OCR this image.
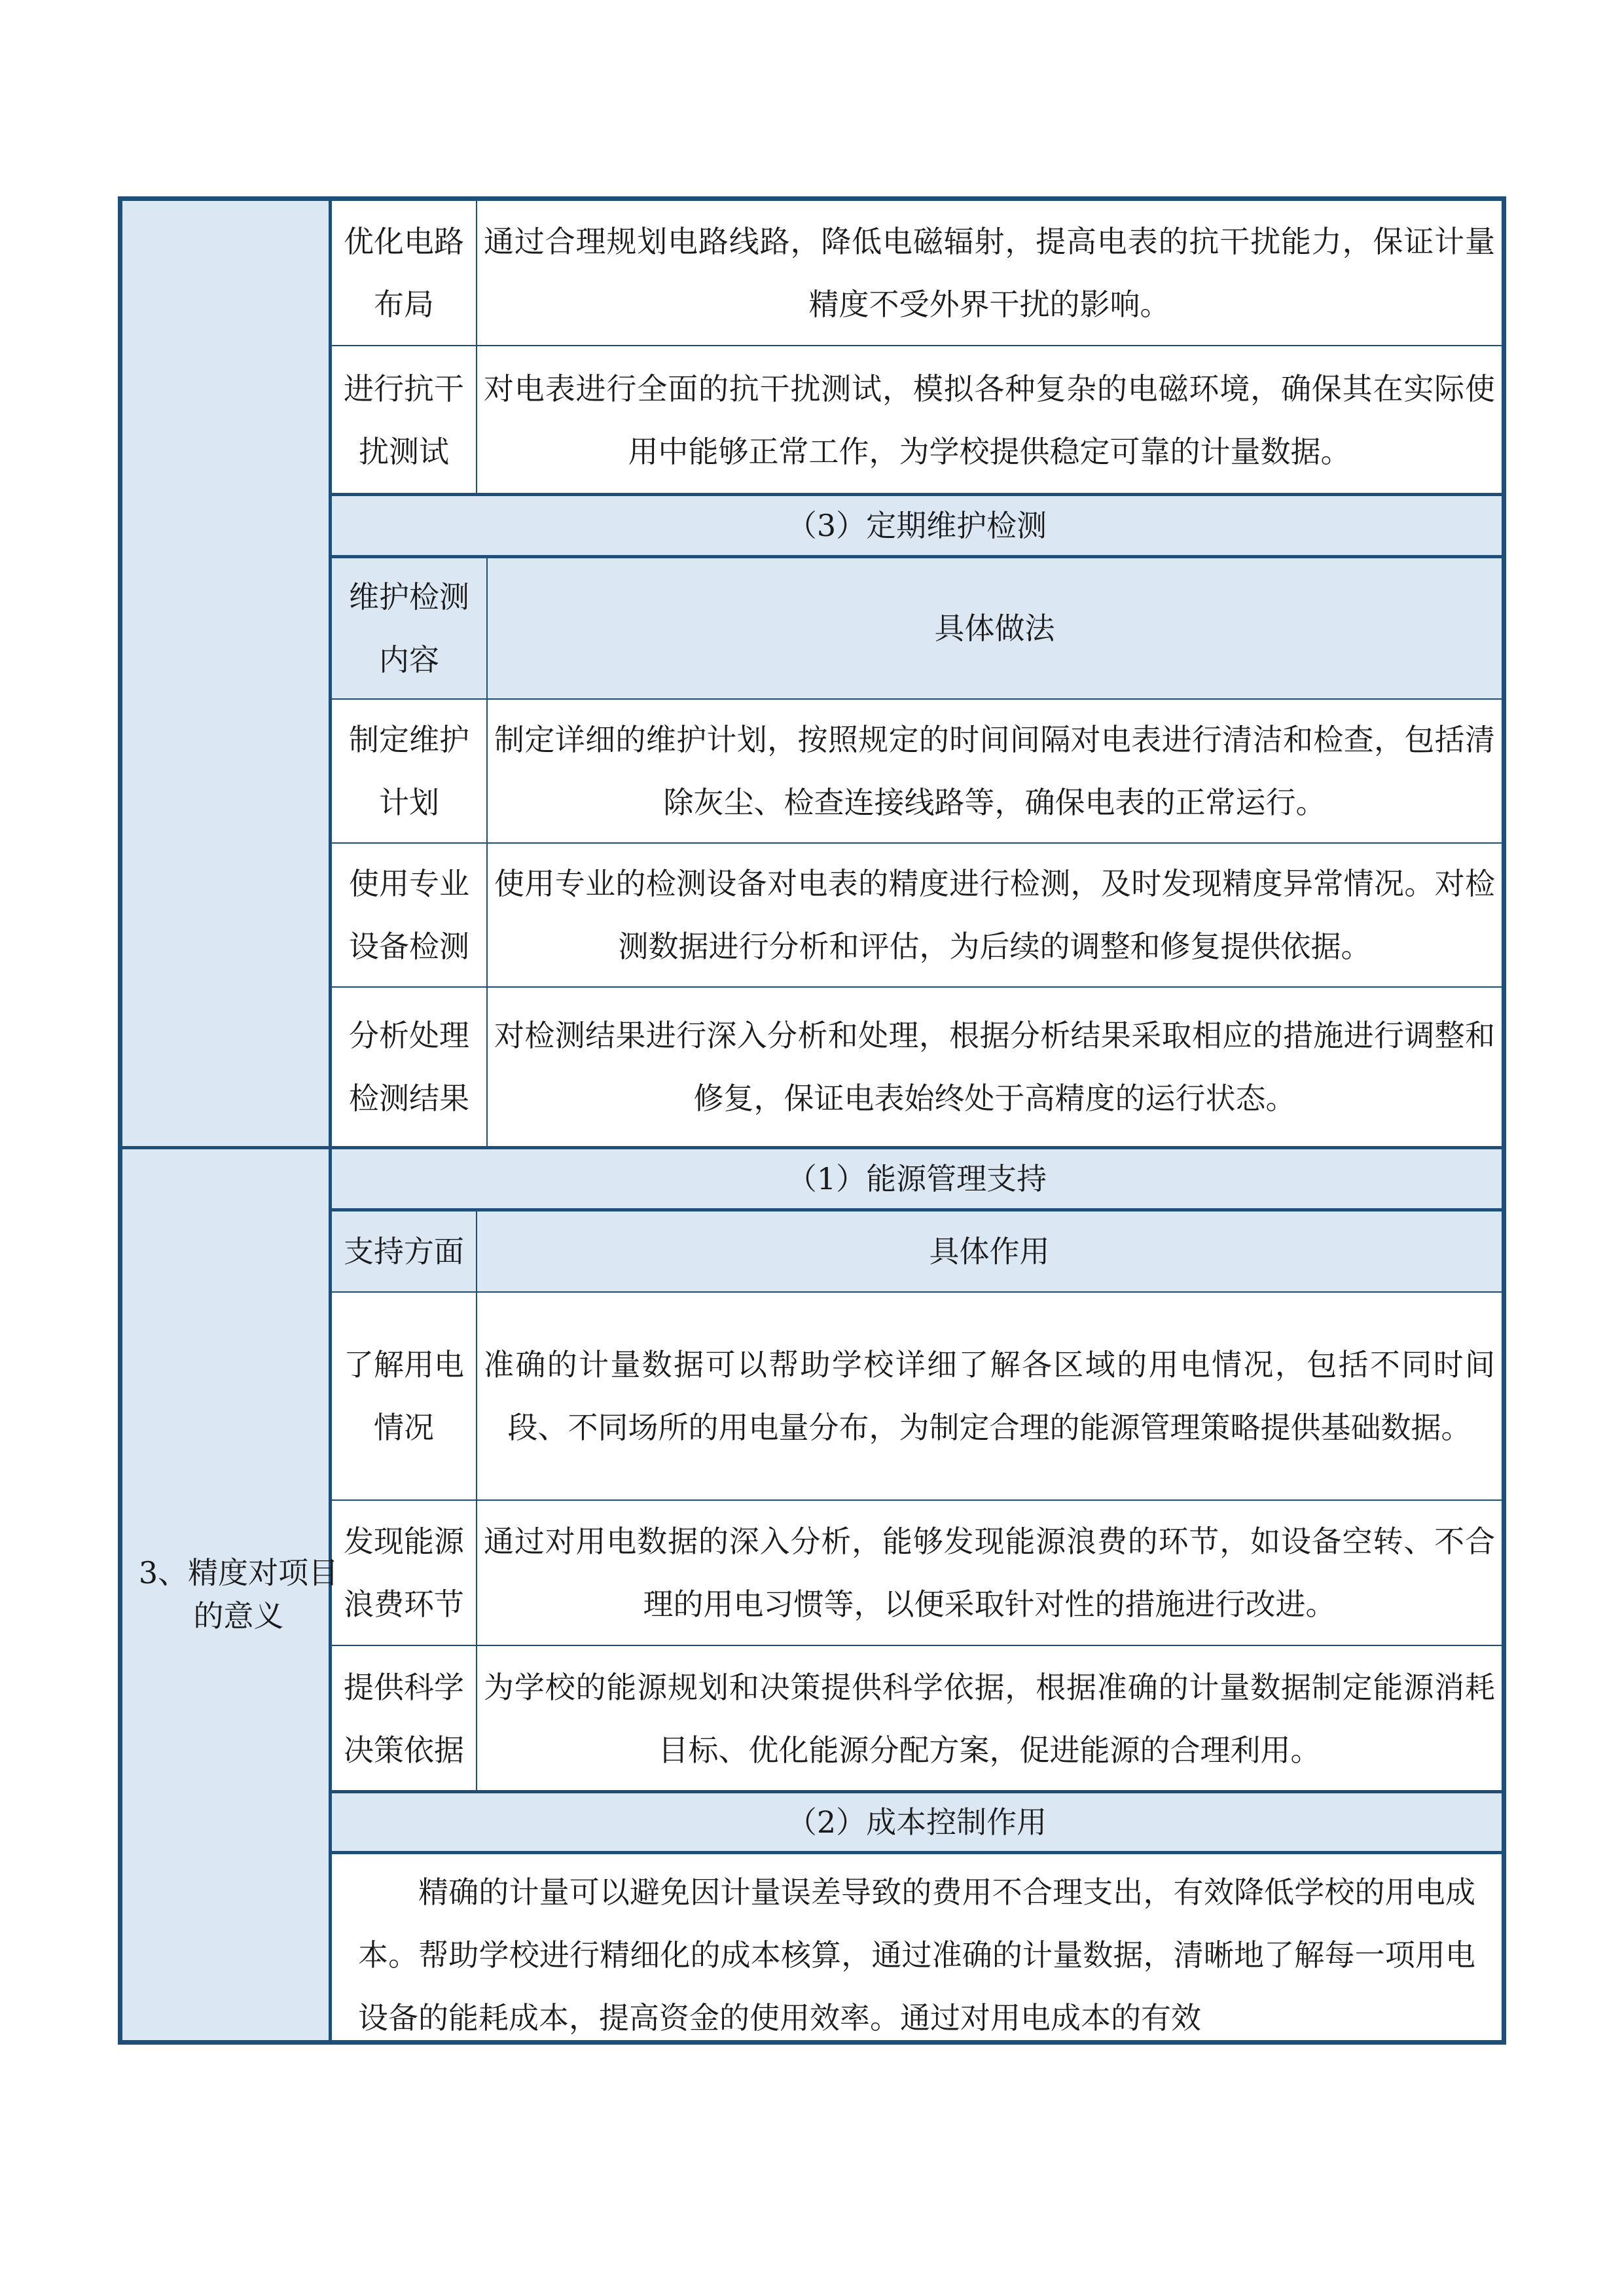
3、精度对项目的意义
优化电路布局
通过合理规划电路线路，降低电磁辐射，提高电表的抗干扰能力，保证计量精度不受外界干扰的影响。
进行抗干扰测试
对电表进行全面的抗干扰测试，模拟各种复杂的电磁环境，确保其在实际使用中能够正常工作，为学校提供稳定可靠的计量数据。
（3）定期维护检测
维护检测内容
具体做法
制定维护计划
制定详细的维护计划，按照规定的时间间隔对电表进行清洁和检查，包括清除灰尘、检查连接线路等，确保电表的正常运行。
使用专业设备检测
使用专业的检测设备对电表的精度进行检测，及时发现精度异常情况。对检测数据进行分析和评估，为后续的调整和修复提供依据。
分析处理检测结果
对检测结果进行深入分析和处理，根据分析结果采取相应的措施进行调整和修复，保证电表始终处于高精度的运行状态。
（1）能源管理支持
支持方面	具体作用
了解用电情况
准确的计量数据可以帮助学校详细了解各区域的用电情况，包括不同时间段、不同场所的用电量分布，为制定合理的能源管理策略提供基础数据。
发现能源浪费环节
通过对用电数据的深入分析，能够发现能源浪费的环节，如设备空转、不合理的用电习惯等，以便采取针对性的措施进行改进。
提供科学决策依据
为学校的能源规划和决策提供科学依据，根据准确的计量数据制定能源消耗目标、优化能源分配方案，促进能源的合理利用。
（2）成本控制作用
精确的计量可以避免因计量误差导致的费用不合理支出，有效降低学校的用电成本。帮助学校进行精细化的成本核算，通过准确的计量数据，清晰地了解每一项用电设备的能耗成本，提高资金的使用效率。通过对用电成本的有效
